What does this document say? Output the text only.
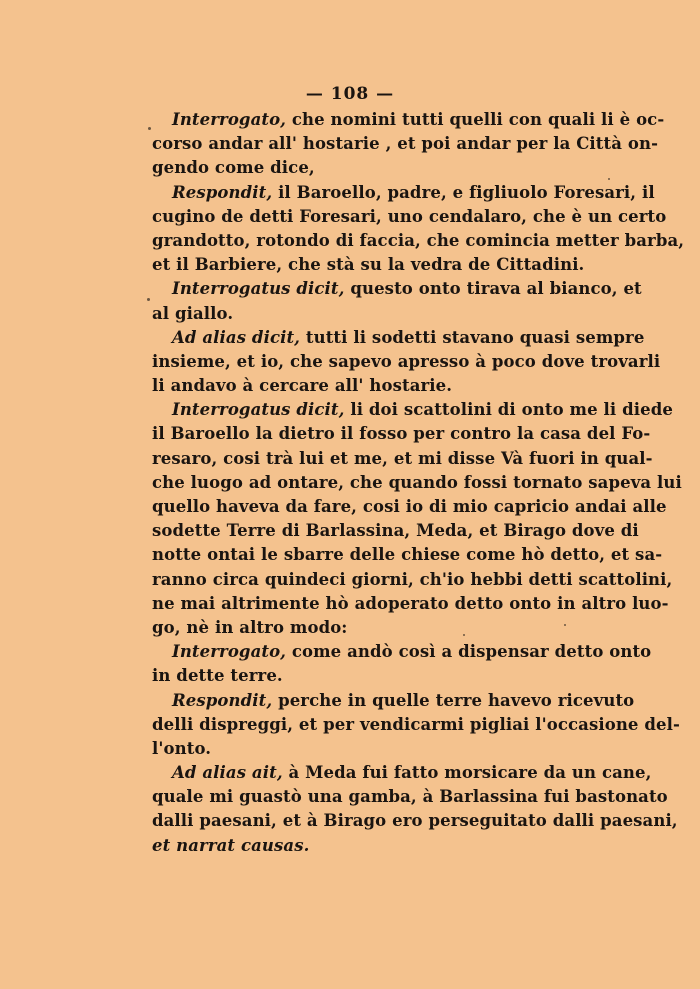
— 108 —
Interrogato, che nomini tutti quelli con quali li è oc-
corso andar all' hostarie , et poi andar per la Città on-
gendo come dice,
Respondit, il Baroello, padre, e figliuolo Foresari, il
cugino de detti Foresari, uno cendalaro, che è un certo
grandotto, rotondo di faccia, che comincia metter barba,
et il Barbiere, che stà su la vedra de Cittadini.
Interrogatus dicit, questo onto tirava al bianco, et
al giallo.
Ad alias dicit, tutti li sodetti stavano quasi sempre
insieme, et io, che sapevo apresso à poco dove trovarli
li andavo à cercare all' hostarie.
Interrogatus dicit, li doi scattolini di onto me li diede
il Baroello la dietro il fosso per contro la casa del Fo-
resaro, cosi trà lui et me, et mi disse Và fuori in qual-
che luogo ad ontare, che quando fossi tornato sapeva lui
quello haveva da fare, cosi io di mio capricio andai alle
sodette Terre di Barlassina, Meda, et Birago dove di
notte ontai le sbarre delle chiese come hò detto, et sa-
ranno circa quindeci giorni, ch'io hebbi detti scattolini,
ne mai altrimente hò adoperato detto onto in altro luo-
go, nè in altro modo:
Interrogato, come andò così a dispensar detto onto
in dette terre.
Respondit, perche in quelle terre havevo ricevuto
delli dispreggi, et per vendicarmi pigliai l'occasione del-
l'onto.
Ad alias ait, à Meda fui fatto morsicare da un cane,
quale mi guastò una gamba, à Barlassina fui bastonato
dalli paesani, et à Birago ero perseguitato dalli paesani,
et narrat causas.
